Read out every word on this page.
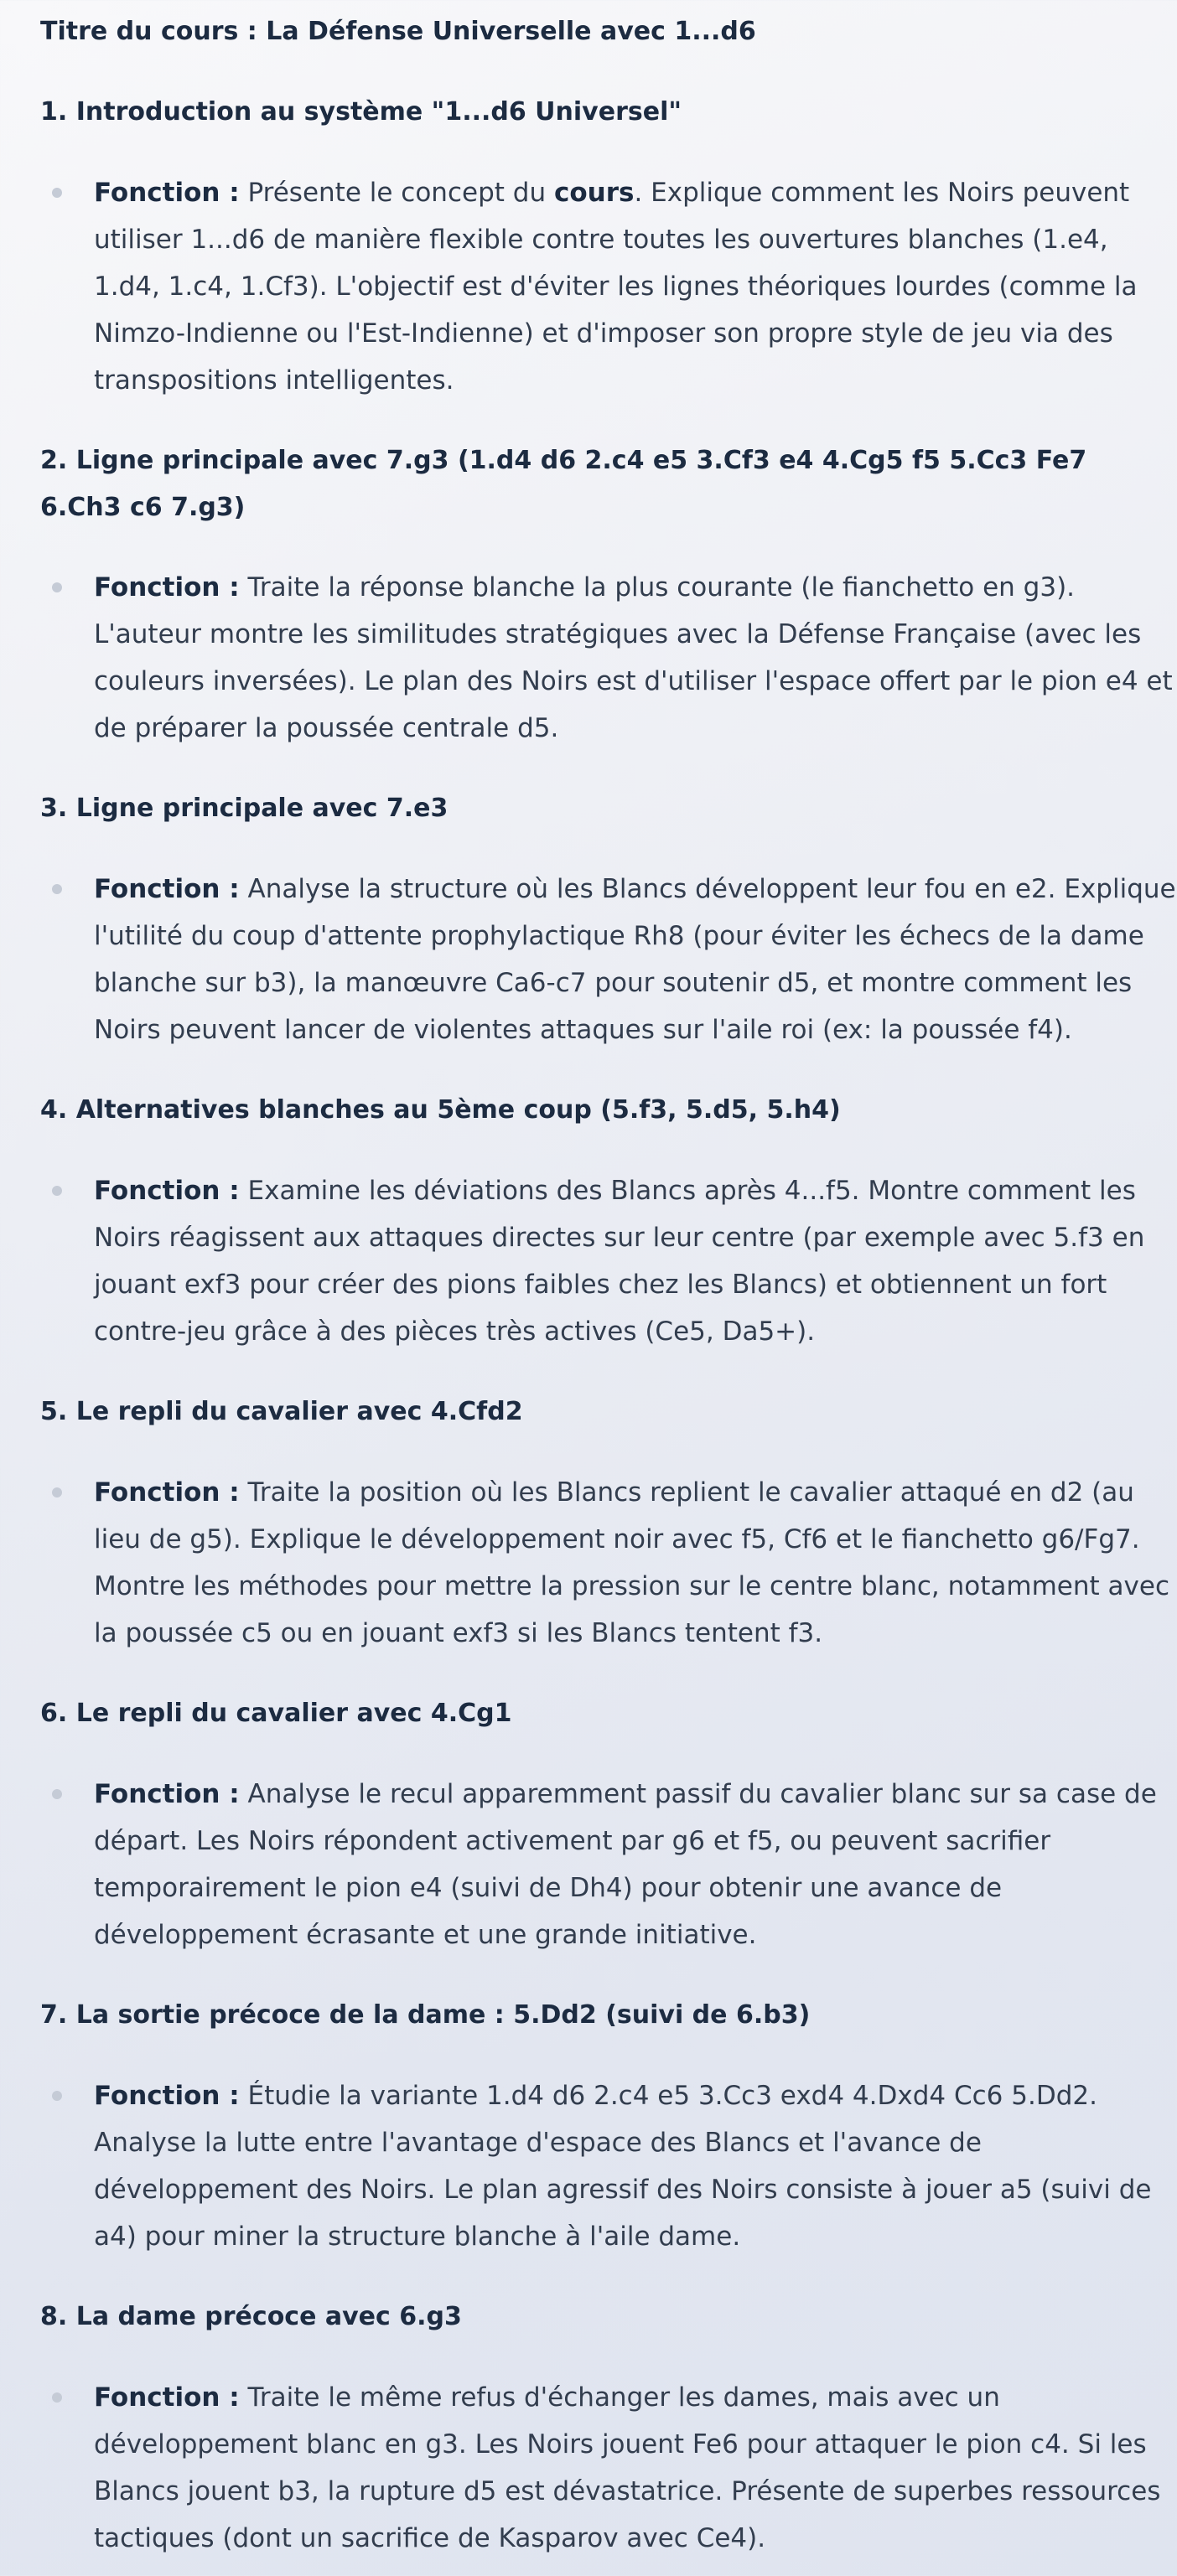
Titre du cours : La Défense Universelle avec 1...d6
1. Introduction au système "1...d6 Universel"

Fonction : Présente le concept du cours. Explique comment les Noirs peuvent utiliser 1...d6 de manière flexible contre toutes les ouvertures blanches (1.e4, 1.d4, 1.c4, 1.Cf3). L'objectif est d'éviter les lignes théoriques lourdes (comme la Nimzo-Indienne ou l'Est-Indienne) et d'imposer son propre style de jeu via des transpositions intelligentes.

2. Ligne principale avec 7.g3 (1.d4 d6 2.c4 e5 3.Cf3 e4 4.Cg5 f5 5.Cc3 Fe7 6.Ch3 c6 7.g3)

Fonction : Traite la réponse blanche la plus courante (le fianchetto en g3). L'auteur montre les similitudes stratégiques avec la Défense Française (avec les couleurs inversées). Le plan des Noirs est d'utiliser l'espace offert par le pion e4 et de préparer la poussée centrale d5.

3. Ligne principale avec 7.e3

Fonction : Analyse la structure où les Blancs développent leur fou en e2. Explique l'utilité du coup d'attente prophylactique Rh8 (pour éviter les échecs de la dame blanche sur b3), la manœuvre Ca6-c7 pour soutenir d5, et montre comment les Noirs peuvent lancer de violentes attaques sur l'aile roi (ex: la poussée f4).

4. Alternatives blanches au 5ème coup (5.f3, 5.d5, 5.h4)

Fonction : Examine les déviations des Blancs après 4...f5. Montre comment les Noirs réagissent aux attaques directes sur leur centre (par exemple avec 5.f3 en jouant exf3 pour créer des pions faibles chez les Blancs) et obtiennent un fort contre-jeu grâce à des pièces très actives (Ce5, Da5+).

5. Le repli du cavalier avec 4.Cfd2

Fonction : Traite la position où les Blancs replient le cavalier attaqué en d2 (au lieu de g5). Explique le développement noir avec f5, Cf6 et le fianchetto g6/Fg7. Montre les méthodes pour mettre la pression sur le centre blanc, notamment avec la poussée c5 ou en jouant exf3 si les Blancs tentent f3.

6. Le repli du cavalier avec 4.Cg1

Fonction : Analyse le recul apparemment passif du cavalier blanc sur sa case de départ. Les Noirs répondent activement par g6 et f5, ou peuvent sacrifier temporairement le pion e4 (suivi de Dh4) pour obtenir une avance de développement écrasante et une grande initiative.

7. La sortie précoce de la dame : 5.Dd2 (suivi de 6.b3)

Fonction : Étudie la variante 1.d4 d6 2.c4 e5 3.Cc3 exd4 4.Dxd4 Cc6 5.Dd2. Analyse la lutte entre l'avantage d'espace des Blancs et l'avance de développement des Noirs. Le plan agressif des Noirs consiste à jouer a5 (suivi de a4) pour miner la structure blanche à l'aile dame.

8. La dame précoce avec 6.g3

Fonction : Traite le même refus d'échanger les dames, mais avec un développement blanc en g3. Les Noirs jouent Fe6 pour attaquer le pion c4. Si les Blancs jouent b3, la rupture d5 est dévastatrice. Présente de superbes ressources tactiques (dont un sacrifice de Kasparov avec Ce4).
